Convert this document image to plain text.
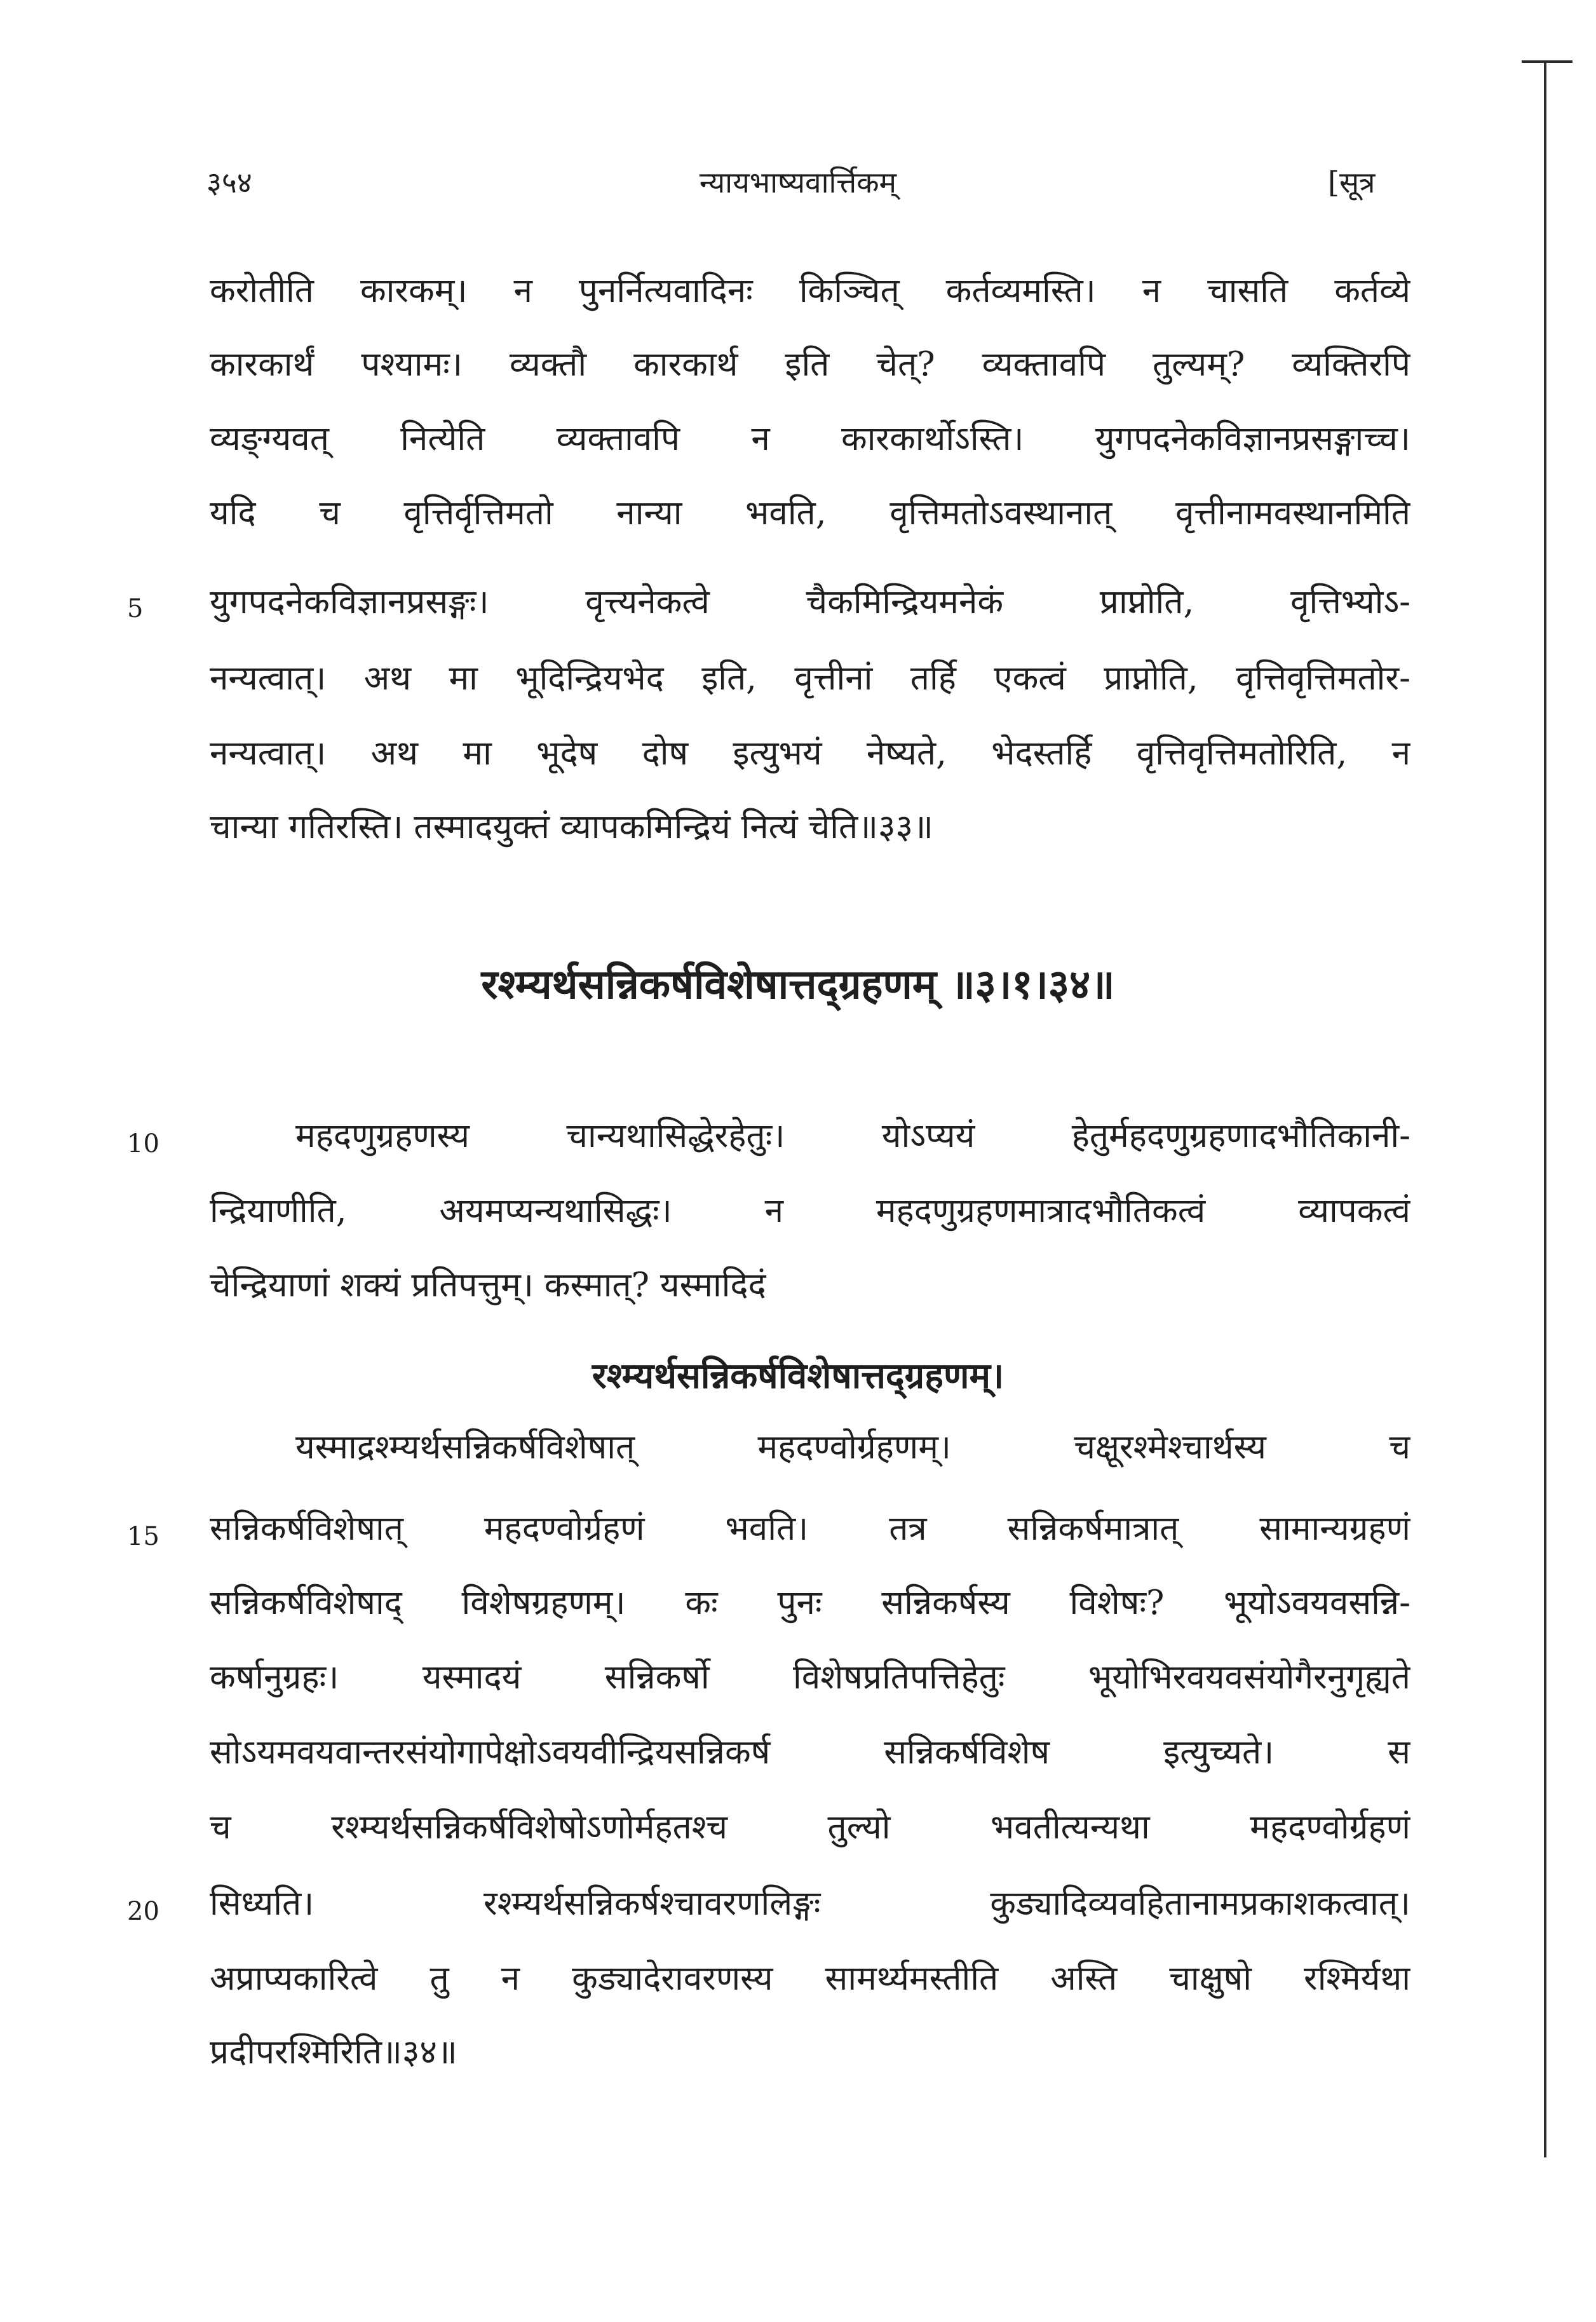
३५४	न्यायभाष्यवार्त्तिकम्	[सूत्र
करोतीति कारकम्। न पुनर्नित्यवादिनः किञ्चित् कर्तव्यमस्ति। न चासति कर्तव्ये
कारकार्थं पश्यामः। व्यक्तौ कारकार्थ इति चेत्? व्यक्तावपि तुल्यम्? व्यक्तिरपि
व्यङ्ग्यवत् नित्येति व्यक्तावपि न कारकार्थोऽस्ति। युगपदनेकविज्ञानप्रसङ्गाच्च।
यदि च वृत्तिर्वृत्तिमतो नान्या भवति, वृत्तिमतोऽवस्थानात् वृत्तीनामवस्थानमिति
5	युगपदनेकविज्ञानप्रसङ्गः। वृत्त्यनेकत्वे चैकमिन्द्रियमनेकं प्राप्नोति, वृत्तिभ्योऽ-
नन्यत्वात्। अथ मा भूदिन्द्रियभेद इति, वृत्तीनां तर्हि एकत्वं प्राप्नोति, वृत्तिवृत्तिमतोर-
नन्यत्वात्। अथ मा भूदेष दोष इत्युभयं नेष्यते, भेदस्तर्हि वृत्तिवृत्तिमतोरिति, न
चान्या गतिरस्ति। तस्मादयुक्तं व्यापकमिन्द्रियं नित्यं चेति॥३३॥
रश्म्यर्थसन्निकर्षविशेषात्तद्ग्रहणम् ॥३।१।३४॥
10	महदणुग्रहणस्य चान्यथासिद्धेरहेतुः। योऽप्ययं हेतुर्महदणुग्रहणादभौतिकानी-
न्द्रियाणीति, अयमप्यन्यथासिद्धः। न महदणुग्रहणमात्रादभौतिकत्वं व्यापकत्वं
चेन्द्रियाणां शक्यं प्रतिपत्तुम्। कस्मात्? यस्मादिदं
रश्म्यर्थसन्निकर्षविशेषात्तद्ग्रहणम्।
यस्माद्रश्म्यर्थसन्निकर्षविशेषात् महदण्वोर्ग्रहणम्। चक्षूरश्मेश्चार्थस्य च
15 सन्निकर्षविशेषात् महदण्वोर्ग्रहणं भवति। तत्र सन्निकर्षमात्रात् सामान्यग्रहणं
सन्निकर्षविशेषाद् विशेषग्रहणम्। कः पुनः सन्निकर्षस्य विशेषः? भूयोऽवयवसन्नि-
कर्षानुग्रहः। यस्मादयं सन्निकर्षो विशेषप्रतिपत्तिहेतुः भूयोभिरवयवसंयोगैरनुगृह्यते
सोऽयमवयवान्तरसंयोगापेक्षोऽवयवीन्द्रियसन्निकर्ष सन्निकर्षविशेष इत्युच्यते। स
च रश्म्यर्थसन्निकर्षविशेषोऽणोर्महतश्च तुल्यो भवतीत्यन्यथा महदण्वोर्ग्रहणं
20 सिध्यति। रश्म्यर्थसन्निकर्षश्चावरणलिङ्गः कुड्यादिव्यवहितानामप्रकाशकत्वात्।
अप्राप्यकारित्वे तु न कुड्यादेरावरणस्य सामर्थ्यमस्तीति अस्ति चाक्षुषो रश्मिर्यथा
प्रदीपरश्मिरिति॥३४॥
